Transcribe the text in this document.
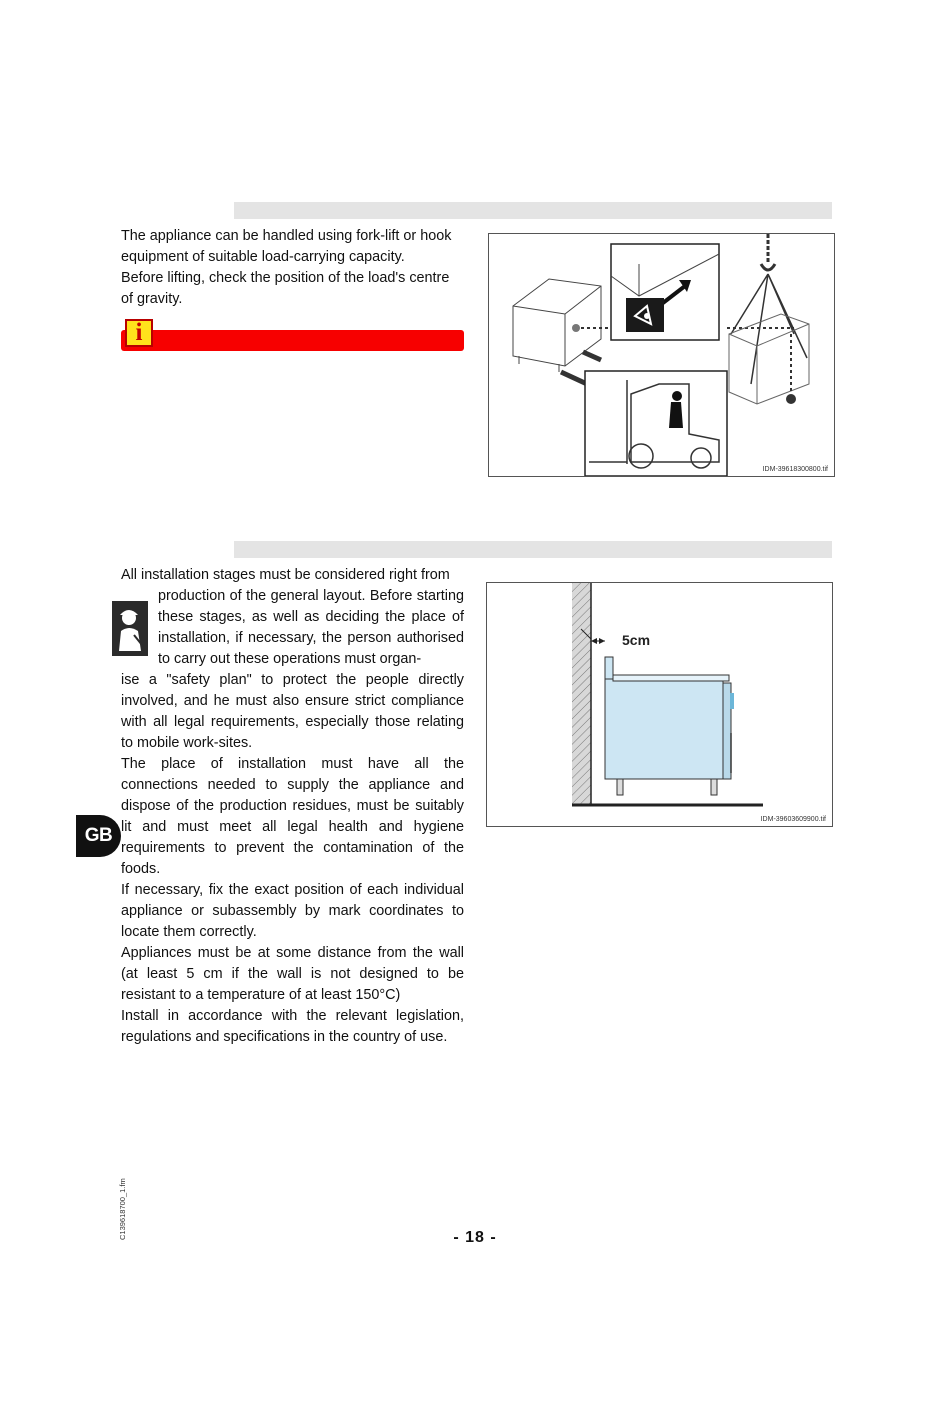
The appliance can be handled using fork-lift or hook equipment of suitable load-carrying capacity.

Before lifting, check the position of the load's centre of gravity.

i
IDM-39618300800.tif

All installation stages must be considered right from

production of the general layout. Before starting these stages, as well as deciding the place of installation, if necessary, the person authorised to carry out these operations must organ-

ise a "safety plan" to protect the people directly involved, and he must also ensure strict compliance with all legal requirements, especially those relating to mobile work-sites.

The place of installation must have all the connections needed to supply the appliance and dispose of the production residues, must be suitably lit and must meet all legal health and hygiene requirements to prevent the contamination of the foods.

If necessary, fix the exact position of each individual appliance or subassembly by mark coordinates to locate them correctly.

Appliances must be at some distance from the wall (at least 5 cm if the wall is not designed to be resistant to a temperature of at least 150°C)

Install in accordance with the relevant legislation, regulations and specifications in the country of use.

5cm
IDM-39603609900.tif
GB
C139618700_1.fm	- 18 -
